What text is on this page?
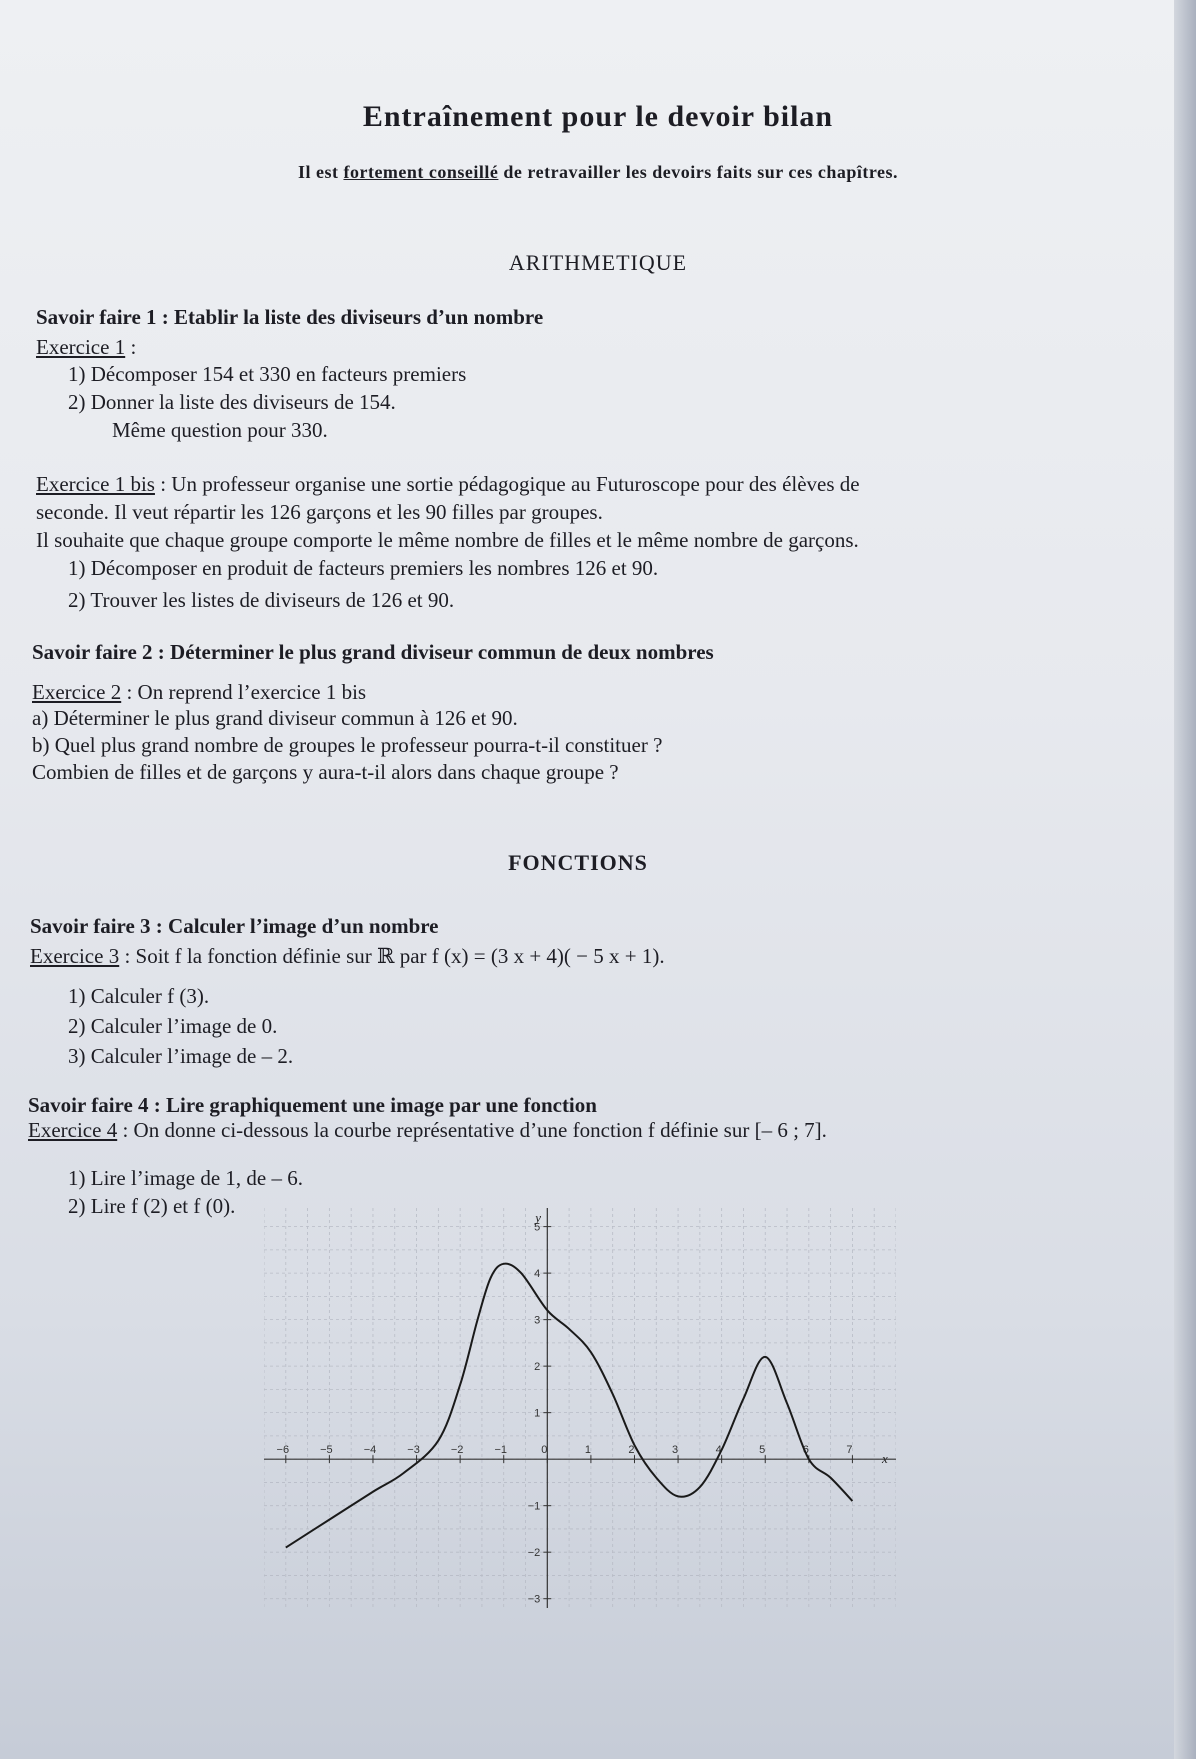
Entraînement pour le devoir bilan
Il est fortement conseillé de retravailler les devoirs faits sur ces chapîtres.
ARITHMETIQUE
Savoir faire 1 : Etablir la liste des diviseurs d’un nombre
Exercice 1 :
1) Décomposer 154 et 330 en facteurs premiers
2) Donner la liste des diviseurs de 154.
Même question pour 330.
Exercice 1 bis : Un professeur organise une sortie pédagogique au Futuroscope pour des élèves de
seconde. Il veut répartir les 126 garçons et les 90 filles par groupes.
Il souhaite que chaque groupe comporte le même nombre de filles et le même nombre de garçons.
1) Décomposer en produit de facteurs premiers les nombres 126 et 90.
2) Trouver les listes de diviseurs de 126 et 90.
Savoir faire 2 : Déterminer le plus grand diviseur commun de deux nombres
Exercice 2 : On reprend l’exercice 1 bis
a) Déterminer le plus grand diviseur commun à 126 et 90.
b) Quel plus grand nombre de groupes le professeur pourra-t-il constituer ?
Combien de filles et de garçons y aura-t-il alors dans chaque groupe ?
FONCTIONS
Savoir faire 3 : Calculer l’image d’un nombre
Exercice 3 : Soit f la fonction définie sur ℝ par f (x) = (3 x + 4)( − 5 x + 1).
1) Calculer f (3).
2) Calculer l’image de 0.
3) Calculer l’image de – 2.
Savoir faire 4 : Lire graphiquement une image par une fonction
Exercice 4 : On donne ci-dessous la courbe représentative d’une fonction f définie sur [– 6 ; 7].
1) Lire l’image de 1, de – 6.
2) Lire f (2) et f (0).
−6	−5	−4	−3	−2	−1	0	1	2	3	4	5	6	7
−3
−2
−1
1
2
3
4
5
x
y
